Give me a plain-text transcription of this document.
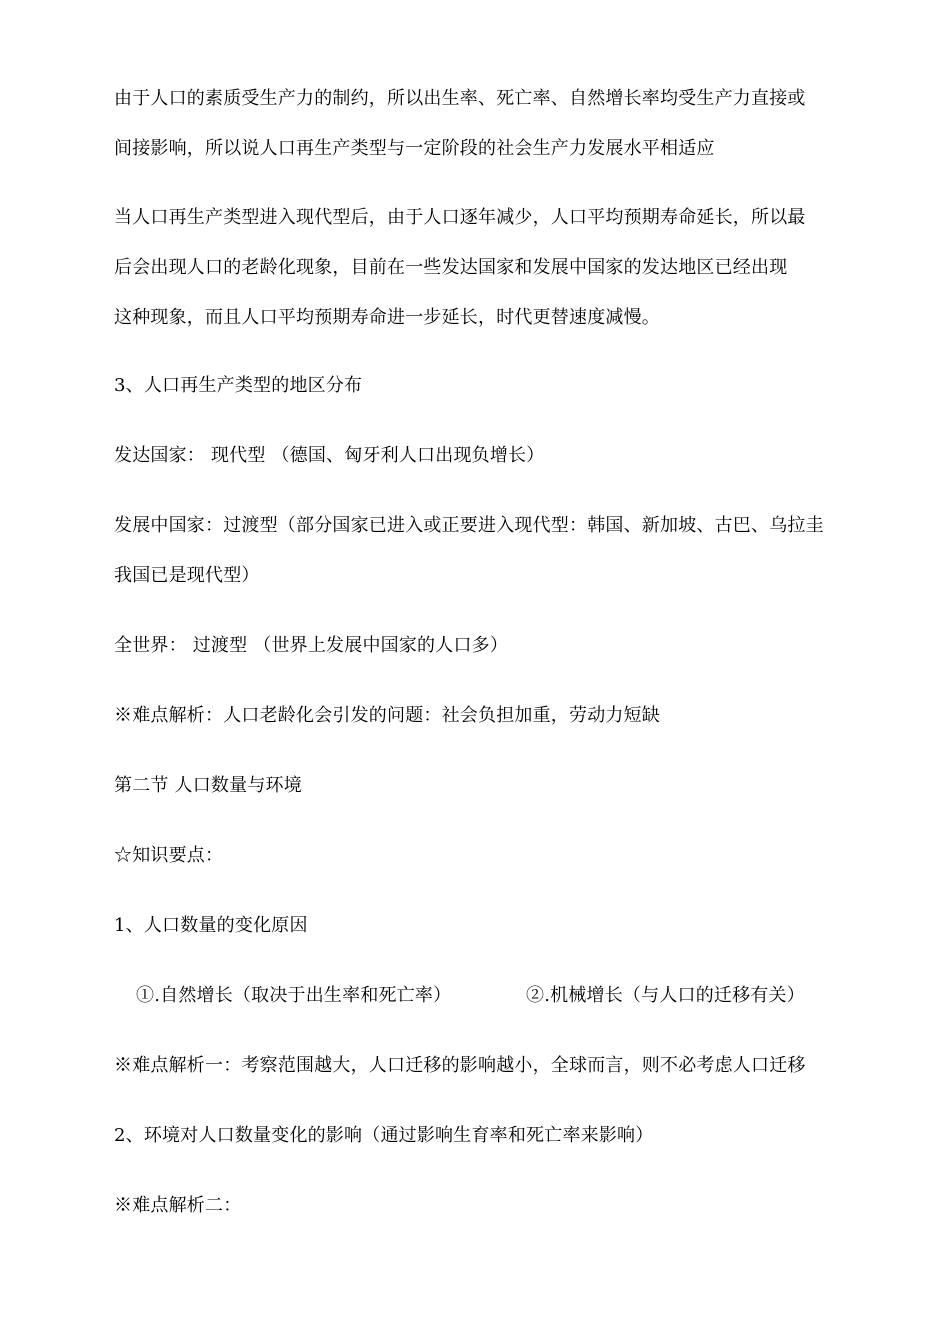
由于人口的素质受生产力的制约，所以出生率、死亡率、自然增长率均受生产力直接或
间接影响，所以说人口再生产类型与一定阶段的社会生产力发展水平相适应
当人口再生产类型进入现代型后，由于人口逐年减少，人口平均预期寿命延长，所以最
后会出现人口的老龄化现象，目前在一些发达国家和发展中国家的发达地区已经出现
这种现象，而且人口平均预期寿命进一步延长，时代更替速度减慢。
3、人口再生产类型的地区分布
发达国家： 现代型 （德国、匈牙利人口出现负增长）
发展中国家：过渡型（部分国家已进入或正要进入现代型：韩国、新加坡、古巴、乌拉圭
我国已是现代型）
全世界： 过渡型 （世界上发展中国家的人口多）
※难点解析：人口老龄化会引发的问题：社会负担加重，劳动力短缺
第二节 人口数量与环境
☆知识要点：
1、人口数量的变化原因
①.自然增长（取决于出生率和死亡率）	②.机械增长（与人口的迁移有关）
※难点解析一：考察范围越大，人口迁移的影响越小，全球而言，则不必考虑人口迁移
2、环境对人口数量变化的影响（通过影响生育率和死亡率来影响）
※难点解析二：
